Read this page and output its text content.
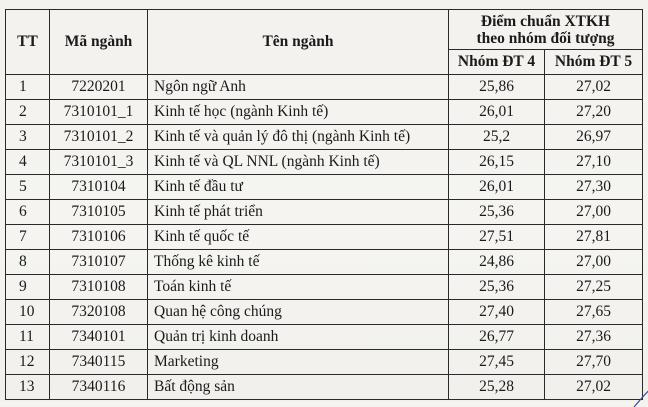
TT	Mã ngành	Tên ngành	Điểm chuẩn XTKH
theo nhóm đối tượng	

			Nhóm ĐT 4	Nhóm ĐT 5
1	7220201	Ngôn ngữ Anh	25,86	27,02
2	7310101_1	Kinh tế học (ngành Kinh tế)	26,01	27,20
3	7310101_2	Kinh tế và quản lý đô thị (ngành Kinh tế)	25,2	26,97
4	7310101_3	Kinh tế và QL NNL (ngành Kinh tế)	26,15	27,10
5	7310104	Kinh tế đầu tư	26,01	27,30
6	7310105	Kinh tế phát triển	25,36	27,00
7	7310106	Kinh tế quốc tế	27,51	27,81
8	7310107	Thống kê kinh tế	24,86	27,00
9	7310108	Toán kinh tế	25,36	27,25
10	7320108	Quan hệ công chúng	27,40	27,65
11	7340101	Quản trị kinh doanh	26,77	27,36
12	7340115	Marketing	27,45	27,70
13	7340116	Bất động sản	25,28	27,02
